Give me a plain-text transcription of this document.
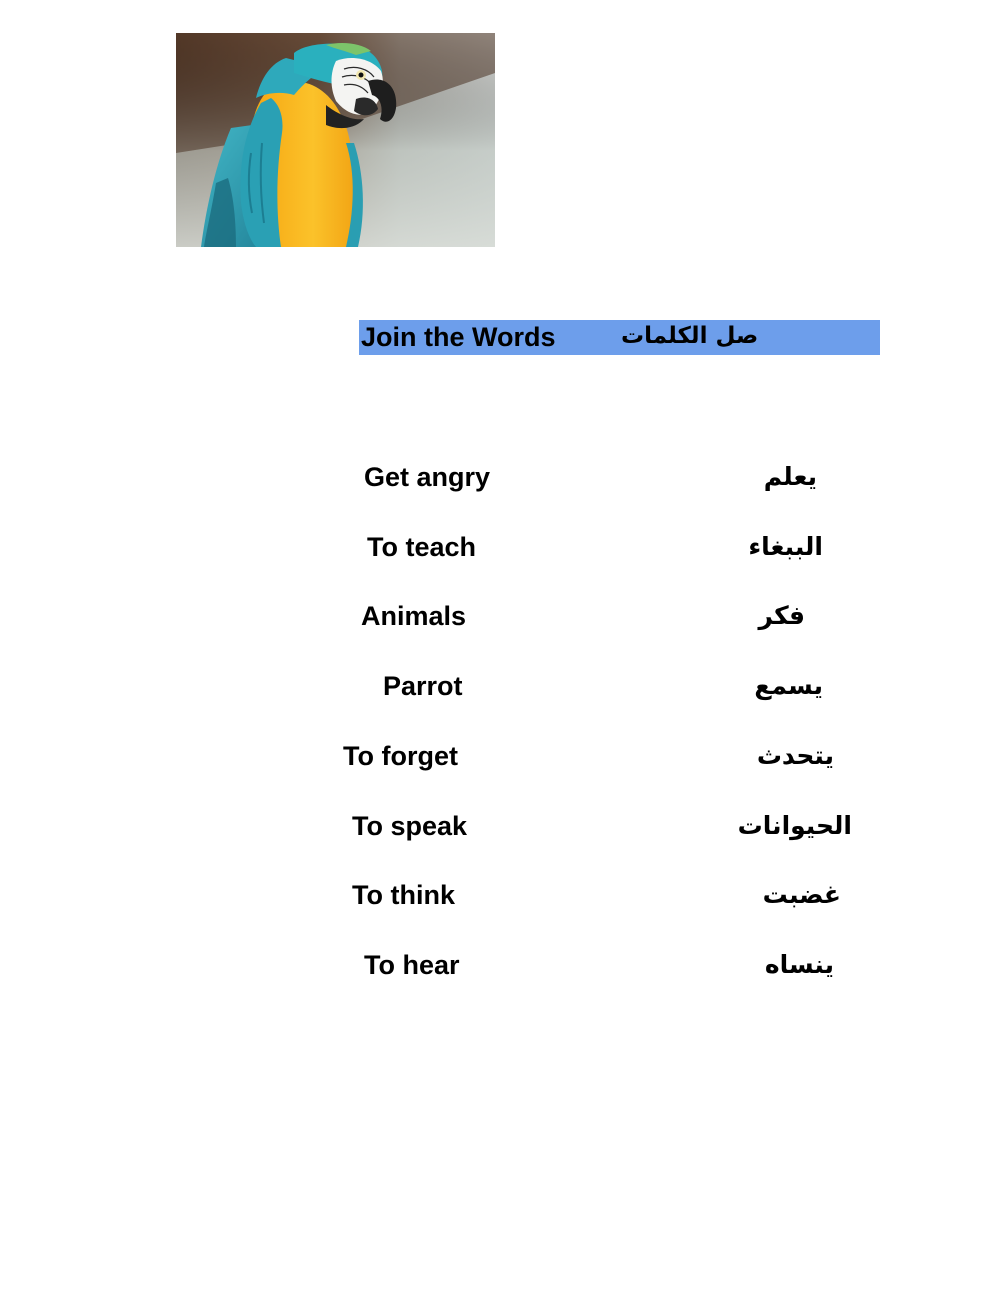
Join the Words	صل الكلمات
Get angry
To teach
Animals
Parrot
To forget
To speak
To think
To hear
يعلم
الببغاء
فكر
يسمع
يتحدث
الحيوانات
غضبت
ينساه
